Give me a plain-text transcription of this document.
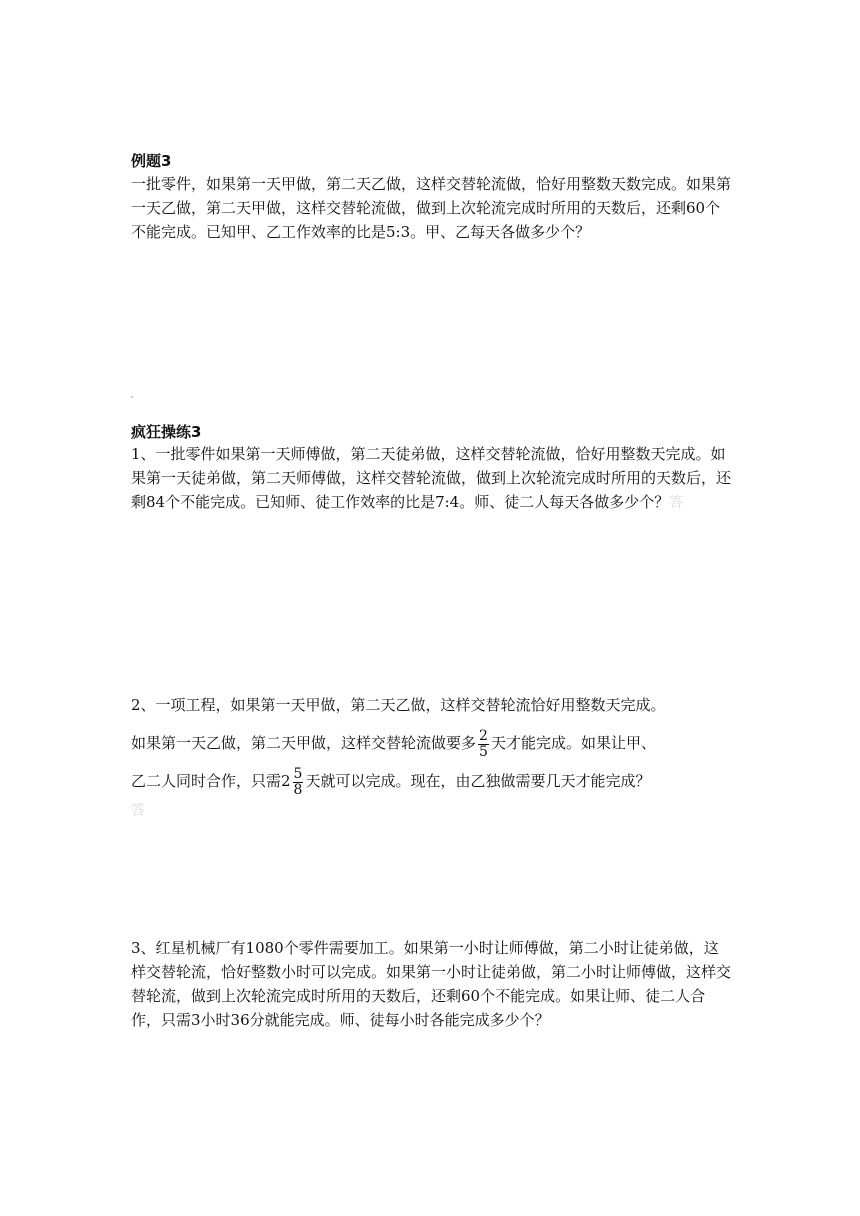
例题3

一批零件，如果第一天甲做，第二天乙做，这样交替轮流做，恰好用整数天数完成。如果第一天乙做，第二天甲做，这样交替轮流做，做到上次轮流完成时所用的天数后，还剩60个不能完成。已知甲、乙工作效率的比是5:3。甲、乙每天各做多少个？

疯狂操练3

1、一批零件如果第一天师傅做，第二天徒弟做，这样交替轮流做，恰好用整数天完成。如果第一天徒弟做，第二天师傅做，这样交替轮流做，做到上次轮流完成时所用的天数后，还剩84个不能完成。已知师、徒工作效率的比是7:4。师、徒二人每天各做多少个？答

2、一项工程，如果第一天甲做，第二天乙做，这样交替轮流恰好用整数天完成。
如果第一天乙做，第二天甲做，这样交替轮流做要多 $\frac{2}{5}$ 天才能完成。如果让甲、
乙二人同时合作，只需$2 \frac{5}{8}$ 天就可以完成。现在，由乙独做需要几天才能完成？
答

3、红星机械厂有1080个零件需要加工。如果第一小时让师傅做，第二小时让徒弟做，这样交替轮流，恰好整数小时可以完成。如果第一小时让徒弟做，第二小时让师傅做，这样交替轮流，做到上次轮流完成时所用的天数后，还剩60个不能完成。如果让师、徒二人合作，只需3小时36分就能完成。师、徒每小时各能完成多少个？
